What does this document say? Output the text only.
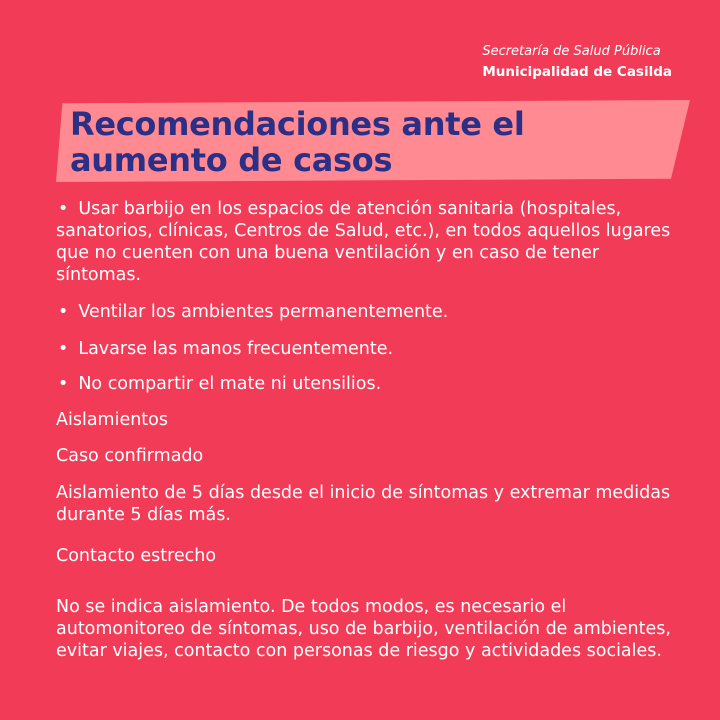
Secretaría de Salud Pública
Municipalidad de Casilda
Recomendaciones ante el aumento de casos

• Usar barbijo en los espacios de atención sanitaria (hospitales, sanatorios, clínicas, Centros de Salud, etc.), en todos aquellos lugares que no cuenten con una buena ventilación y en caso de tener síntomas.

• Ventilar los ambientes permanentemente.

• Lavarse las manos frecuentemente.

• No compartir el mate ni utensilios.

Aislamientos

Caso confirmado

Aislamiento de 5 días desde el inicio de síntomas y extremar medidas durante 5 días más.

Contacto estrecho

No se indica aislamiento. De todos modos, es necesario el automonitoreo de síntomas, uso de barbijo, ventilación de ambientes, evitar viajes, contacto con personas de riesgo y actividades sociales.
